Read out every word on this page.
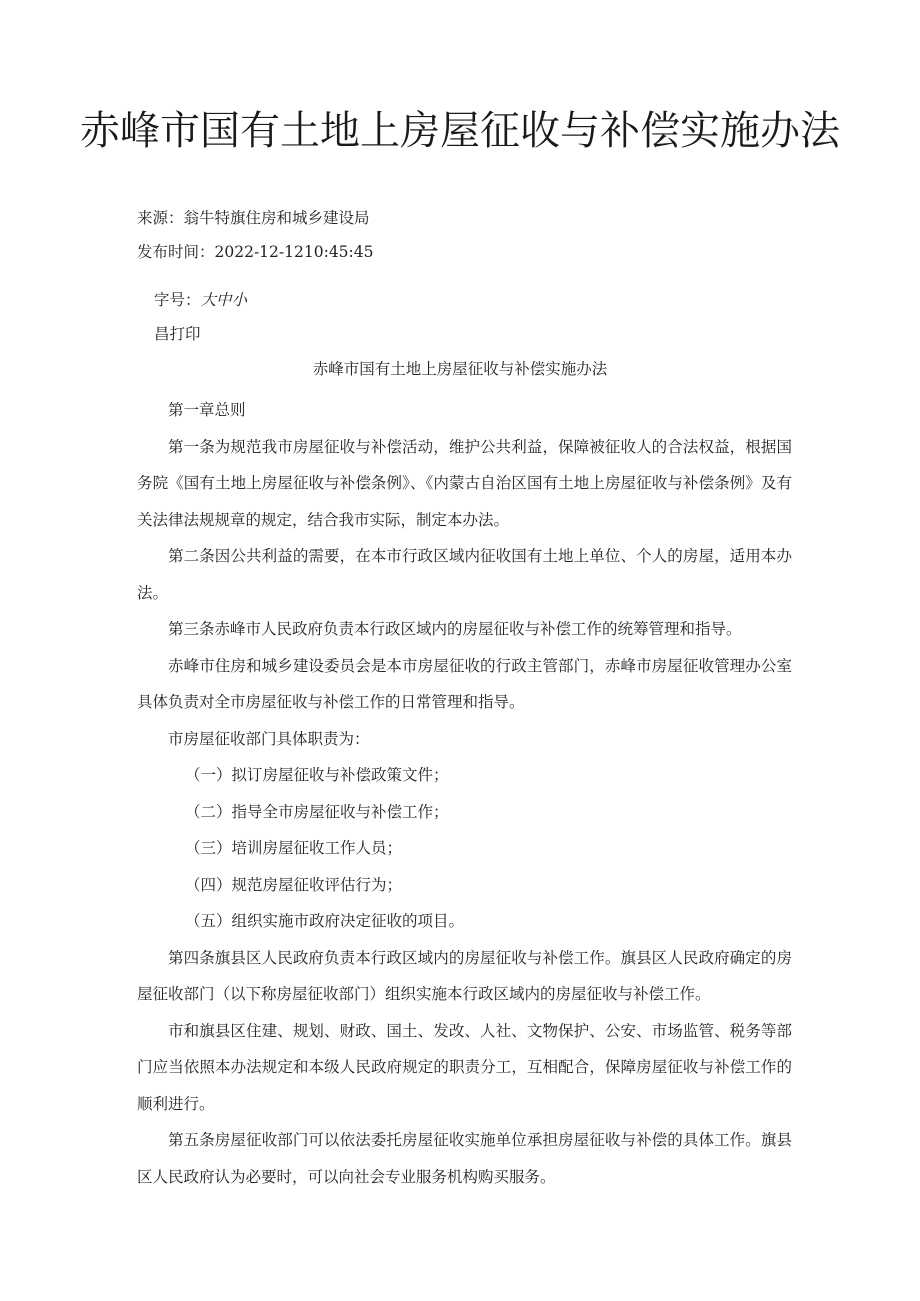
赤峰市国有土地上房屋征收与补偿实施办法
来源：翁牛特旗住房和城乡建设局
发布时间：2022-12-1210:45:45
字号：大中小
昌打印
赤峰市国有土地上房屋征收与补偿实施办法

第一章总则

第一条为规范我市房屋征收与补偿活动，维护公共利益，保障被征收人的合法权益，根据国务院《国有土地上房屋征收与补偿条例》、《内蒙古自治区国有土地上房屋征收与补偿条例》及有关法律法规规章的规定，结合我市实际，制定本办法。

第二条因公共利益的需要，在本市行政区域内征收国有土地上单位、个人的房屋，适用本办法。

第三条赤峰市人民政府负责本行政区域内的房屋征收与补偿工作的统筹管理和指导。

赤峰市住房和城乡建设委员会是本市房屋征收的行政主管部门，赤峰市房屋征收管理办公室具体负责对全市房屋征收与补偿工作的日常管理和指导。

市房屋征收部门具体职责为：

（一）拟订房屋征收与补偿政策文件；

（二）指导全市房屋征收与补偿工作；

（三）培训房屋征收工作人员；

（四）规范房屋征收评估行为；

（五）组织实施市政府决定征收的项目。

第四条旗县区人民政府负责本行政区域内的房屋征收与补偿工作。旗县区人民政府确定的房屋征收部门（以下称房屋征收部门）组织实施本行政区域内的房屋征收与补偿工作。

市和旗县区住建、规划、财政、国土、发改、人社、文物保护、公安、市场监管、税务等部门应当依照本办法规定和本级人民政府规定的职责分工，互相配合，保障房屋征收与补偿工作的顺利进行。

第五条房屋征收部门可以依法委托房屋征收实施单位承担房屋征收与补偿的具体工作。旗县区人民政府认为必要时，可以向社会专业服务机构购买服务。
